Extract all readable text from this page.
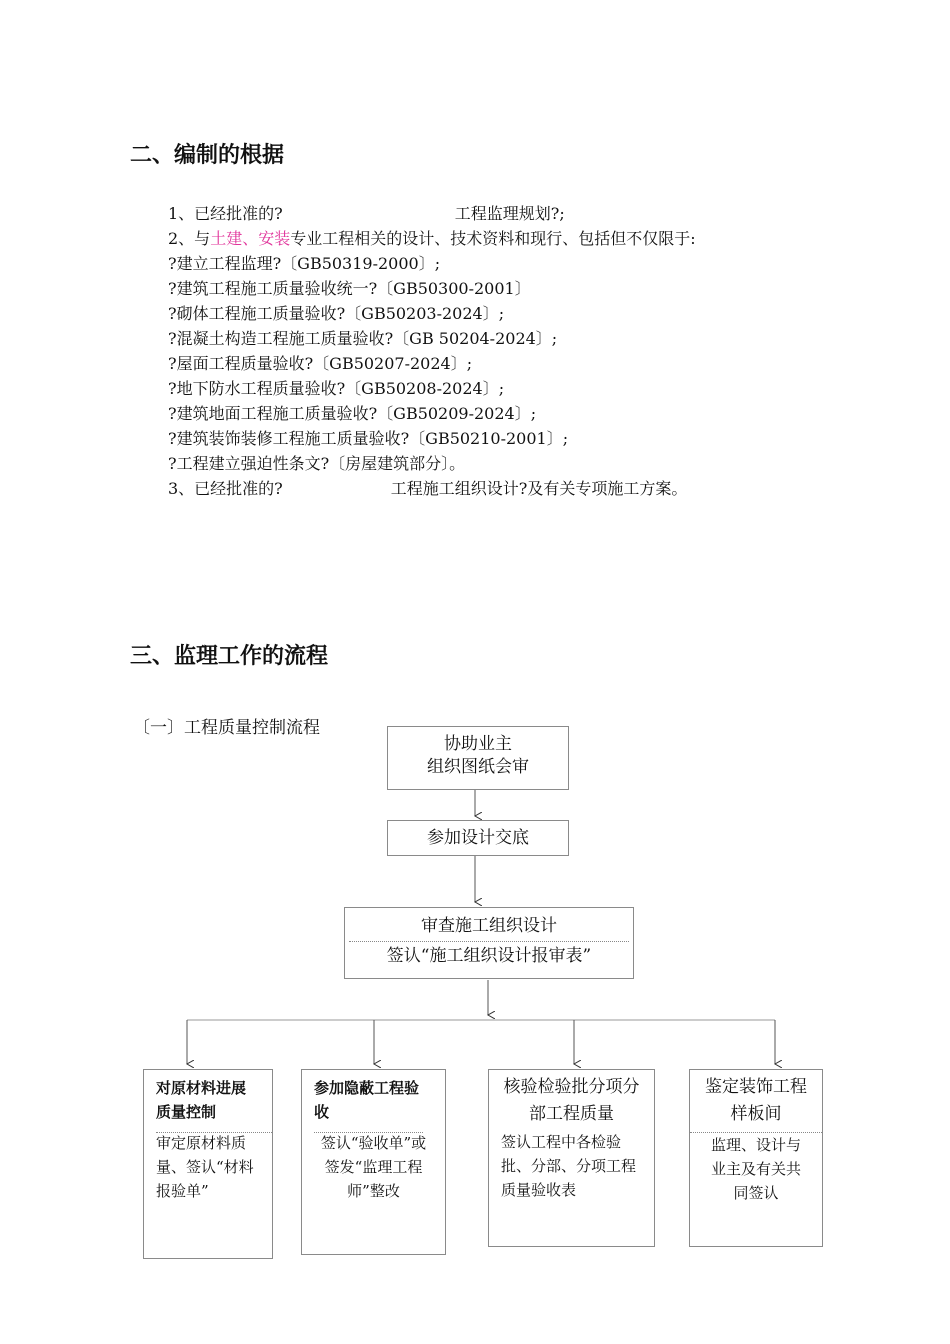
二、编制的根据
1、已经批准的?	工程监理规划?;
2、与土建、安装专业工程相关的设计、技术资料和现行、包括但不仅限于:
?建立工程监理?〔GB50319-2000〕;
?建筑工程施工质量验收统一?〔GB50300-2001〕
?砌体工程施工质量验收?〔GB50203-2024〕;
?混凝土构造工程施工质量验收?〔GB 50204-2024〕;
?屋面工程质量验收?〔GB50207-2024〕;
?地下防水工程质量验收?〔GB50208-2024〕;
?建筑地面工程施工质量验收?〔GB50209-2024〕;
?建筑装饰装修工程施工质量验收?〔GB50210-2001〕;
?工程建立强迫性条文?〔房屋建筑部分〕。
3、已经批准的?	工程施工组织设计?及有关专项施工方案。
三、监理工作的流程
〔一〕工程质量控制流程
协助业主
组织图纸会审
参加设计交底
审查施工组织设计
签认“施工组织设计报审表”
对原材料进展质量控制
审定原材料质量、签认“材料报验单”
参加隐蔽工程验收
签认“验收单”或签发“监理工程师”整改
核验检验批分项分部工程质量
签认工程中各检验批、分部、分项工程质量验收表
鉴定装饰工程样板间
监理、设计与业主及有关共同签认
